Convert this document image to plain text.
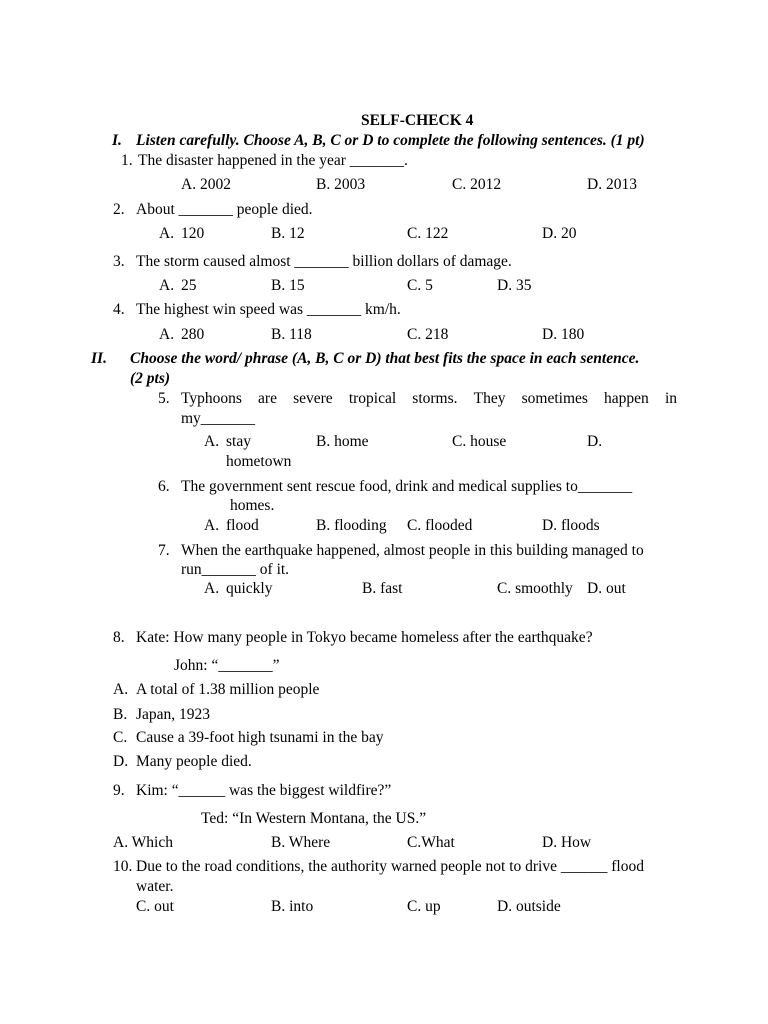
SELF-CHECK 4
I. Listen carefully. Choose A, B, C or D to complete the following sentences. (1 pt)
1. The disaster happened in the year _______.
A. 2002	B. 2003	C. 2012	D. 2013
2. About _______ people died.
A. 120	B. 12	C. 122	D. 20
3. The storm caused almost _______ billion dollars of damage.
A. 25	B. 15	C. 5	D. 35
4. The highest win speed was _______ km/h.
A. 280	B. 118	C. 218	D. 180
II. Choose the word/ phrase (A, B, C or D) that best fits the space in each sentence.
(2 pts)
5. Typhoons are severe tropical storms. They sometimes happen in
my_______
A. stay	B. home	C. house	D.
hometown
6. The government sent rescue food, drink and medical supplies to_______
homes.
A. flood	B. flooding C. flooded	D. floods
7. When the earthquake happened, almost people in this building managed to
run_______ of it.
A. quickly	B. fast	C. smoothly D. out
8. Kate: How many people in Tokyo became homeless after the earthquake?
John: “_______”
A. A total of 1.38 million people
B. Japan, 1923
C. Cause a 39-foot high tsunami in the bay
D. Many people died.
9. Kim: “______ was the biggest wildfire?”
Ted: “In Western Montana, the US.”
A. Which	B. Where	C.What	D. How
10. Due to the road conditions, the authority warned people not to drive ______ flood
water.
C. out	B. into	C. up	D. outside
